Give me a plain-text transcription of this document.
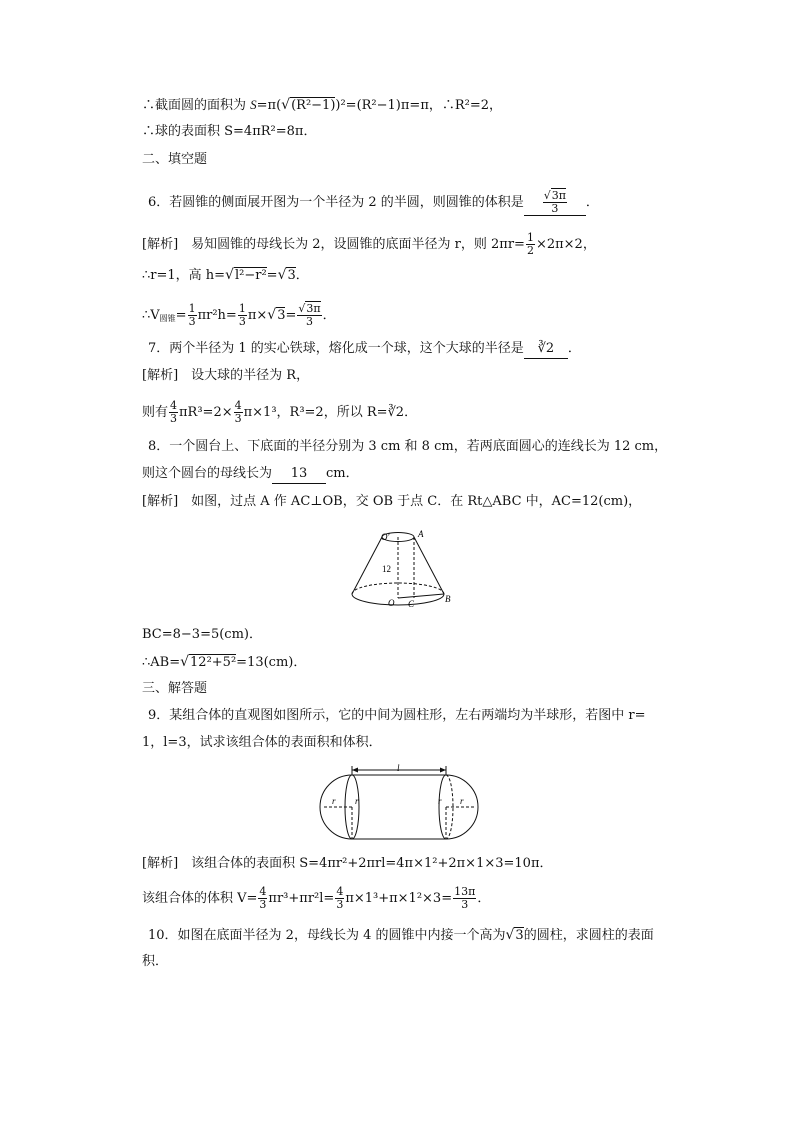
∴截面圆的面积为 S=π(√(R²−1))²=(R²−1)π=π，∴R²=2，
∴球的表面积 S=4πR²=8π．
二、填空题
6．若圆锥的侧面展开图为一个半径为 2 的半圆，则圆锥的体积是 $\frac{√3\pi}{3}$ ．
[解析]　易知圆锥的母线长为 2，设圆锥的底面半径为 r，则 $2\pi r= \frac{1}{2} \times 2\pi\times 2$，
∴r=1，高 h=√l²−r²=√3．
$\therefore V_{圆锥}= \frac{1}{3} \pi r^2h= \frac{1}{3} \pi\times√3= \frac{√3\pi}{3}$ ．
7．两个半径为 1 的实心铁球，熔化成一个球，这个大球的半径是 ∛2 ．
[解析]　设大球的半径为 R，
则有 $\frac{4}{3} \pi R^3=2\times \frac{4}{3} \pi\times 1^3$，R³=2，所以 R=∛2．
8．一个圆台上、下底面的半径分别为 3 cm 和 8 cm，若两底面圆心的连线长为 12 cm，
则这个圆台的母线长为 13 cm．
[解析]　如图，过点 A 作 AC⊥OB，交 OB 于点 C．在 Rt△ABC 中，AC=12(cm)，
O′	A
12
O C	B
BC=8−3=5(cm)．
∴AB=√12²+5²=13(cm)．
三、解答题
9．某组合体的直观图如图所示，它的中间为圆柱形，左右两端均为半球形，若图中 r=
1，l=3，试求该组合体的表面积和体积．
l
r r	r r
[解析]　该组合体的表面积 S=4πr²+2πrl=4π×1²+2π×1×3=10π．
该组合体的体积 $V= \frac{4}{3} \pi r^3+\pi r^2l= \frac{4}{3} \pi\times 1^3+\pi\times 1^2\times 3= \frac{13\pi}{3}$ ．
10．如图在底面半径为 2，母线长为 4 的圆锥中内接一个高为√3的圆柱，求圆柱的表面
积．
